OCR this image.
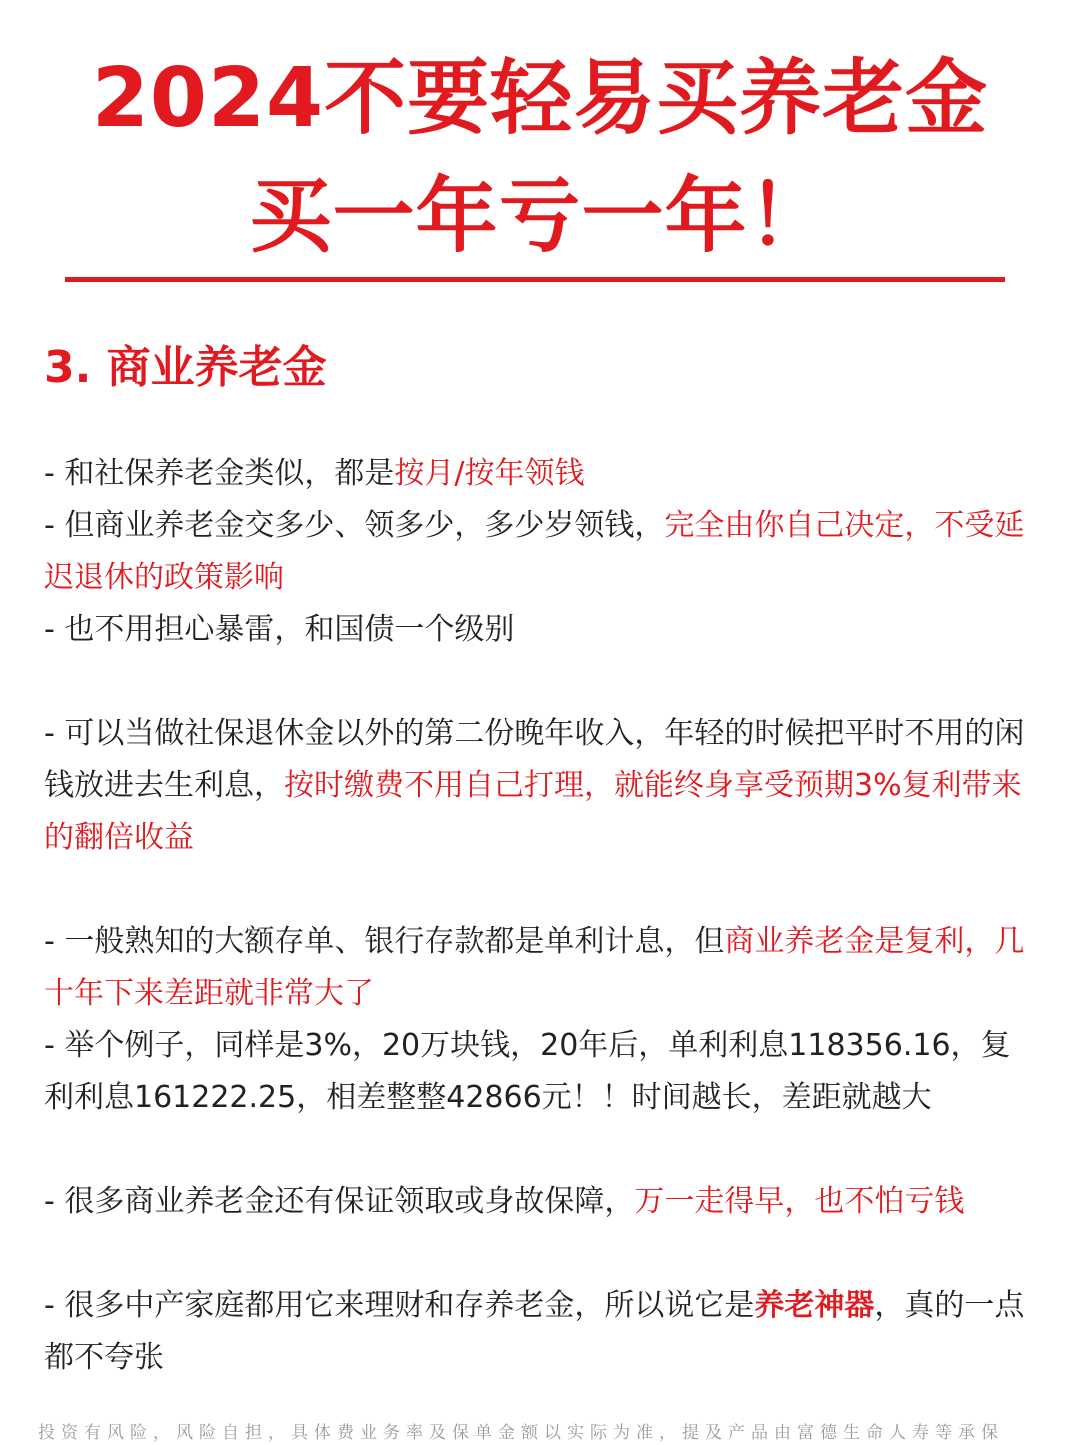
2024不要轻易买养老金
买一年亏一年！
3. 商业养老金

- 和社保养老金类似，都是按月/按年领钱

- 但商业养老金交多少、领多少，多少岁领钱，完全由你自己决定，不受延迟退休的政策影响

- 也不用担心暴雷，和国债一个级别

- 可以当做社保退休金以外的第二份晚年收入，年轻的时候把平时不用的闲钱放进去生利息，按时缴费不用自己打理，就能终身享受预期3%复利带来的翻倍收益

- 一般熟知的大额存单、银行存款都是单利计息，但商业养老金是复利，几十年下来差距就非常大了

- 举个例子，同样是3%，20万块钱，20年后，单利利息118356.16，复利利息161222.25，相差整整42866元！！时间越长，差距就越大

- 很多商业养老金还有保证领取或身故保障，万一走得早，也不怕亏钱

- 很多中产家庭都用它来理财和存养老金，所以说它是养老神器，真的一点都不夸张

投资有风险，风险自担，具体费业务率及保单金额以实际为准，提及产品由富德生命人寿等承保
